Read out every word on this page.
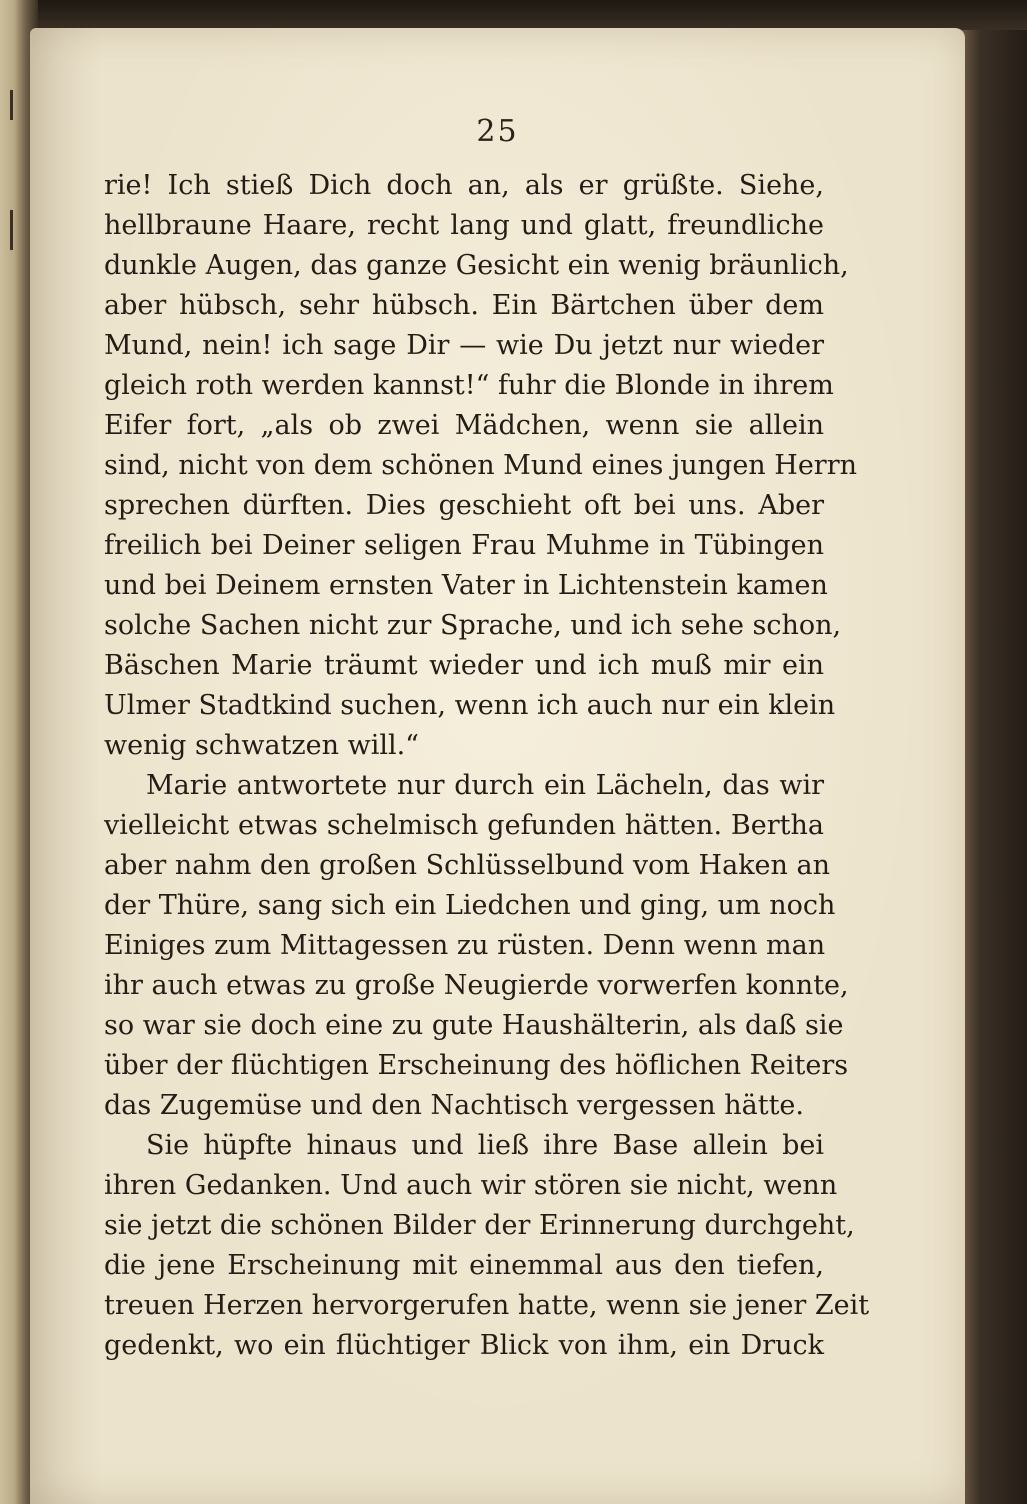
25
rie! Ich stieß Dich doch an, als er grüßte. Siehe,
hellbraune Haare, recht lang und glatt, freundliche
dunkle Augen, das ganze Gesicht ein wenig bräunlich,
aber hübsch, sehr hübsch. Ein Bärtchen über dem
Mund, nein! ich sage Dir — wie Du jetzt nur wieder
gleich roth werden kannst!“ fuhr die Blonde in ihrem
Eifer fort, „als ob zwei Mädchen, wenn sie allein
sind, nicht von dem schönen Mund eines jungen Herrn
sprechen dürften. Dies geschieht oft bei uns. Aber
freilich bei Deiner seligen Frau Muhme in Tübingen
und bei Deinem ernsten Vater in Lichtenstein kamen
solche Sachen nicht zur Sprache, und ich sehe schon,
Bäschen Marie träumt wieder und ich muß mir ein
Ulmer Stadtkind suchen, wenn ich auch nur ein klein
wenig schwatzen will.“
Marie antwortete nur durch ein Lächeln, das wir
vielleicht etwas schelmisch gefunden hätten. Bertha
aber nahm den großen Schlüsselbund vom Haken an
der Thüre, sang sich ein Liedchen und ging, um noch
Einiges zum Mittagessen zu rüsten. Denn wenn man
ihr auch etwas zu große Neugierde vorwerfen konnte,
so war sie doch eine zu gute Haushälterin, als daß sie
über der flüchtigen Erscheinung des höflichen Reiters
das Zugemüse und den Nachtisch vergessen hätte.
Sie hüpfte hinaus und ließ ihre Base allein bei
ihren Gedanken. Und auch wir stören sie nicht, wenn
sie jetzt die schönen Bilder der Erinnerung durchgeht,
die jene Erscheinung mit einemmal aus den tiefen,
treuen Herzen hervorgerufen hatte, wenn sie jener Zeit
gedenkt, wo ein flüchtiger Blick von ihm, ein Druck
